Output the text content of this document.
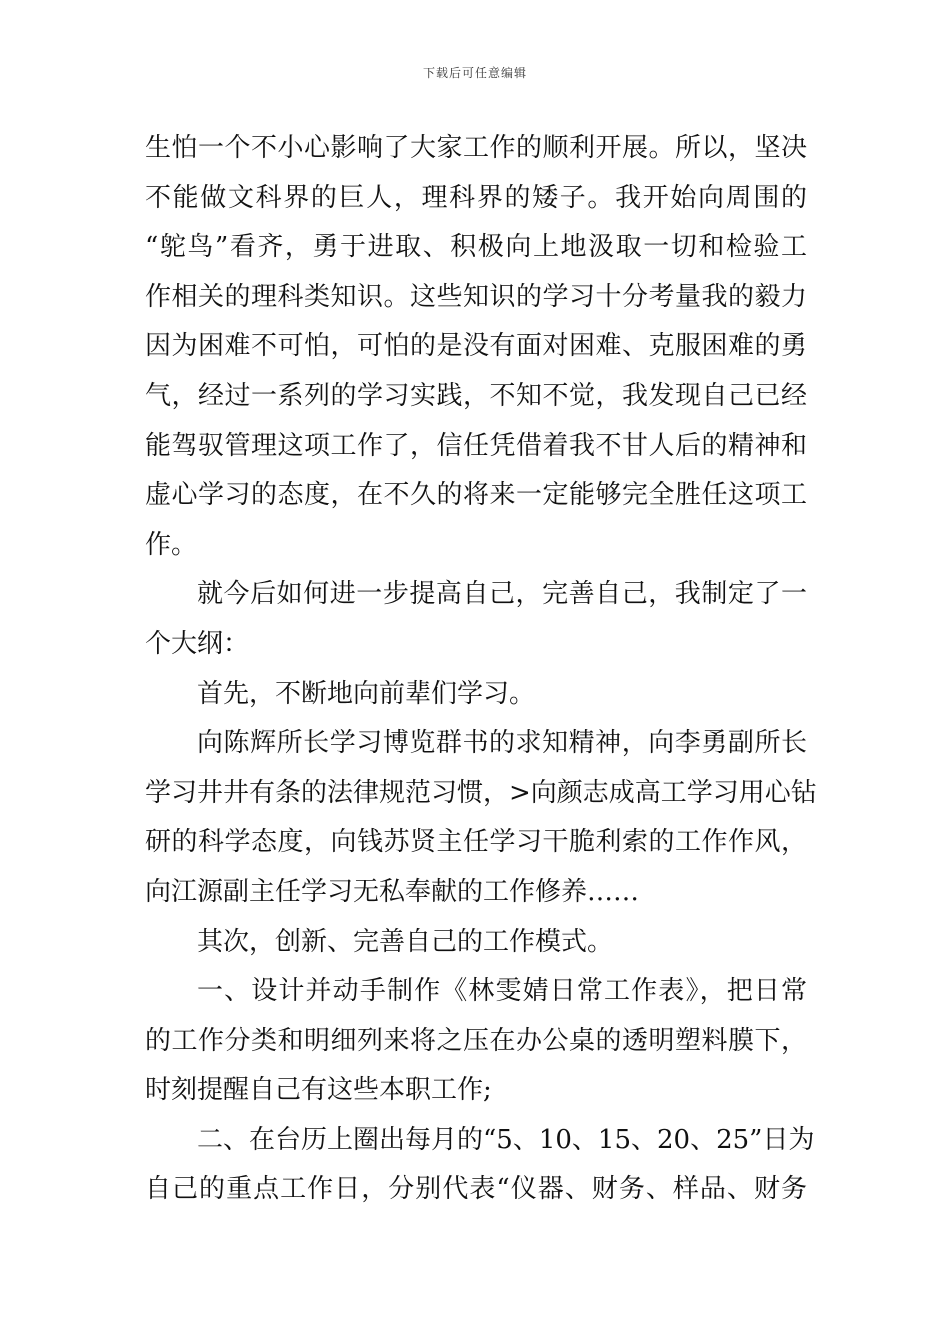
下载后可任意编辑
生怕一个不小心影响了大家工作的顺利开展。所以，坚决
不能做文科界的巨人，理科界的矮子。我开始向周围的
“鸵鸟”看齐，勇于进取、积极向上地汲取一切和检验工
作相关的理科类知识。这些知识的学习十分考量我的毅力
因为困难不可怕，可怕的是没有面对困难、克服困难的勇
气，经过一系列的学习实践，不知不觉，我发现自己已经
能驾驭管理这项工作了，信任凭借着我不甘人后的精神和
虚心学习的态度，在不久的将来一定能够完全胜任这项工
作。
就今后如何进一步提高自己，完善自己，我制定了一
个大纲：
首先，不断地向前辈们学习。
向陈辉所长学习博览群书的求知精神，向李勇副所长
学习井井有条的法律规范习惯，>向颜志成高工学习用心钻
研的科学态度，向钱苏贤主任学习干脆利索的工作作风，
向江源副主任学习无私奉献的工作修养……
其次，创新、完善自己的工作模式。
一、设计并动手制作《林雯婧日常工作表》，把日常
的工作分类和明细列来将之压在办公桌的透明塑料膜下，
时刻提醒自己有这些本职工作;
二、在台历上圈出每月的“5、10、15、20、25”日为
自己的重点工作日，分别代表“仪器、财务、样品、财务
